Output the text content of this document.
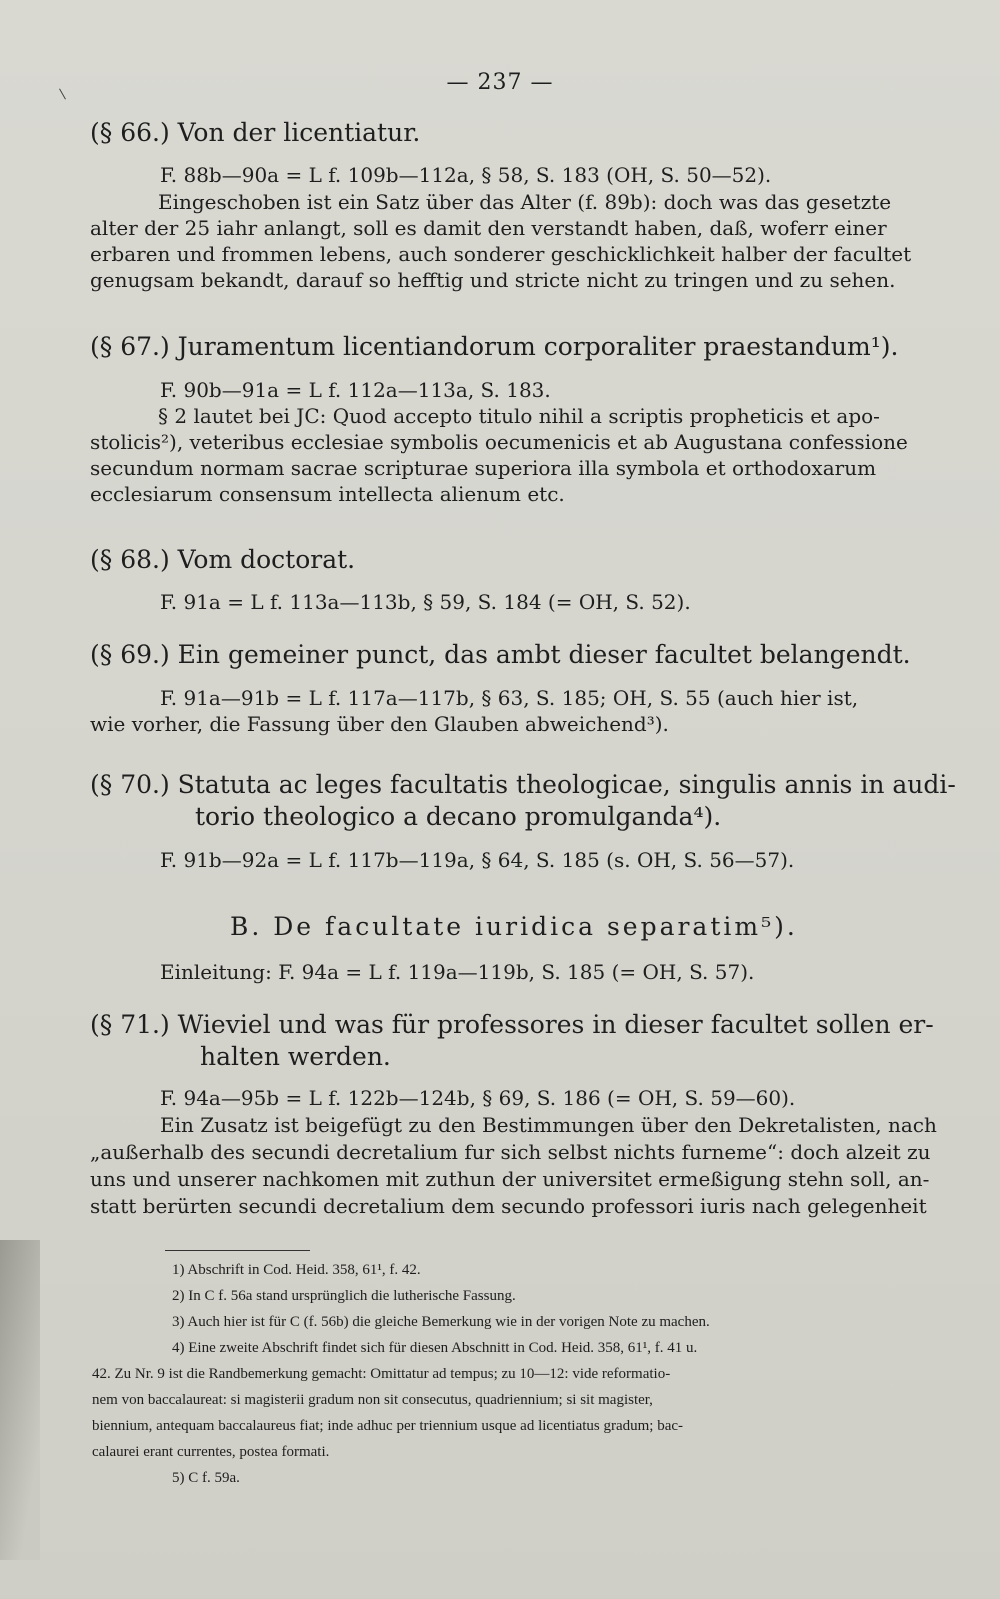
— 237 —
(§ 66.) Von der licentiatur.
F. 88b—90a = L f. 109b—112a, § 58, S. 183 (OH, S. 50—52).
Eingeschoben ist ein Satz über das Alter (f. 89b): doch was das gesetzte
alter der 25 iahr anlangt, soll es damit den verstandt haben, daß, woferr einer
erbaren und frommen lebens, auch sonderer geschicklichkeit halber der facultet
genugsam bekandt, darauf so hefftig und stricte nicht zu tringen und zu sehen.
(§ 67.) Juramentum licentiandorum corporaliter praestandum¹).
F. 90b—91a = L f. 112a—113a, S. 183.
§ 2 lautet bei JC: Quod accepto titulo nihil a scriptis propheticis et apo-
stolicis²), veteribus ecclesiae symbolis oecumenicis et ab Augustana confessione
secundum normam sacrae scripturae superiora illa symbola et orthodoxarum
ecclesiarum consensum intellecta alienum etc.
(§ 68.) Vom doctorat.
F. 91a = L f. 113a—113b, § 59, S. 184 (= OH, S. 52).
(§ 69.) Ein gemeiner punct, das ambt dieser facultet belangendt.
F. 91a—91b = L f. 117a—117b, § 63, S. 185; OH, S. 55 (auch hier ist,
wie vorher, die Fassung über den Glauben abweichend³).
(§ 70.) Statuta ac leges facultatis theologicae, singulis annis in audi-
torio theologico a decano promulganda⁴).
F. 91b—92a = L f. 117b—119a, § 64, S. 185 (s. OH, S. 56—57).
B. De facultate iuridica separatim⁵).
Einleitung: F. 94a = L f. 119a—119b, S. 185 (= OH, S. 57).
(§ 71.) Wieviel und was für professores in dieser facultet sollen er-
halten werden.
F. 94a—95b = L f. 122b—124b, § 69, S. 186 (= OH, S. 59—60).
Ein Zusatz ist beigefügt zu den Bestimmungen über den Dekretalisten, nach
„außerhalb des secundi decretalium fur sich selbst nichts furneme“: doch alzeit zu
uns und unserer nachkomen mit zuthun der universitet ermeßigung stehn soll, an-
statt berürten secundi decretalium dem secundo professori iuris nach gelegenheit
1) Abschrift in Cod. Heid. 358, 61¹, f. 42.
2) In C f. 56a stand ursprünglich die lutherische Fassung.
3) Auch hier ist für C (f. 56b) die gleiche Bemerkung wie in der vorigen Note zu machen.
4) Eine zweite Abschrift findet sich für diesen Abschnitt in Cod. Heid. 358, 61¹, f. 41 u.
42. Zu Nr. 9 ist die Randbemerkung gemacht: Omittatur ad tempus; zu 10—12: vide reformatio-
nem von baccalaureat: si magisterii gradum non sit consecutus, quadriennium; si sit magister,
biennium, antequam baccalaureus fiat; inde adhuc per triennium usque ad licentiatus gradum; bac-
calaurei erant currentes, postea formati.
5) C f. 59a.
